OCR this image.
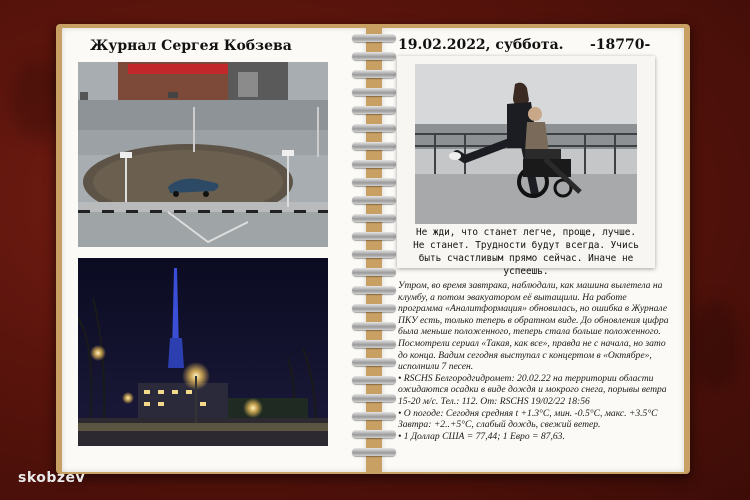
Журнал Сергея Кобзева	19.02.2022, суббота. -18770-
Не жди, что станет легче, проще, лучше. Не станет. Трудности будут всегда. Учись быть счастливым прямо сейчас. Иначе не успеешь.

Утром, во время завтрака, наблюдали, как машина вылетела на клумбу, а потом эвакуатором её вытащили. На работе программа «Аналитформация» обновилась, но ошибка в Журнале ПКУ есть, только теперь в обратном виде. До обновления цифра была меньше положенного, теперь стала больше положенного. Посмотрели сериал «Такая, как все», правда не с начала, но зато до конца. Вадим сегодня выступал с концертом в «Октябре», исполнили 7 песен.

• RSCHS Белгородгидромет: 20.02.22 на территории области ожидаются осадки в виде дождя и мокрого снега, порывы ветра 15-20 м/с. Тел.: 112. От: RSCHS 19/02/22 18:56

• О погоде: Сегодня средняя t +1.3°С, мин. -0.5°С, макс. +3.5°С Завтра: +2..+5°С, слабый дождь, свежий ветер.

• 1 Доллар США = 77,44; 1 Евро = 87,63.

skobzev
